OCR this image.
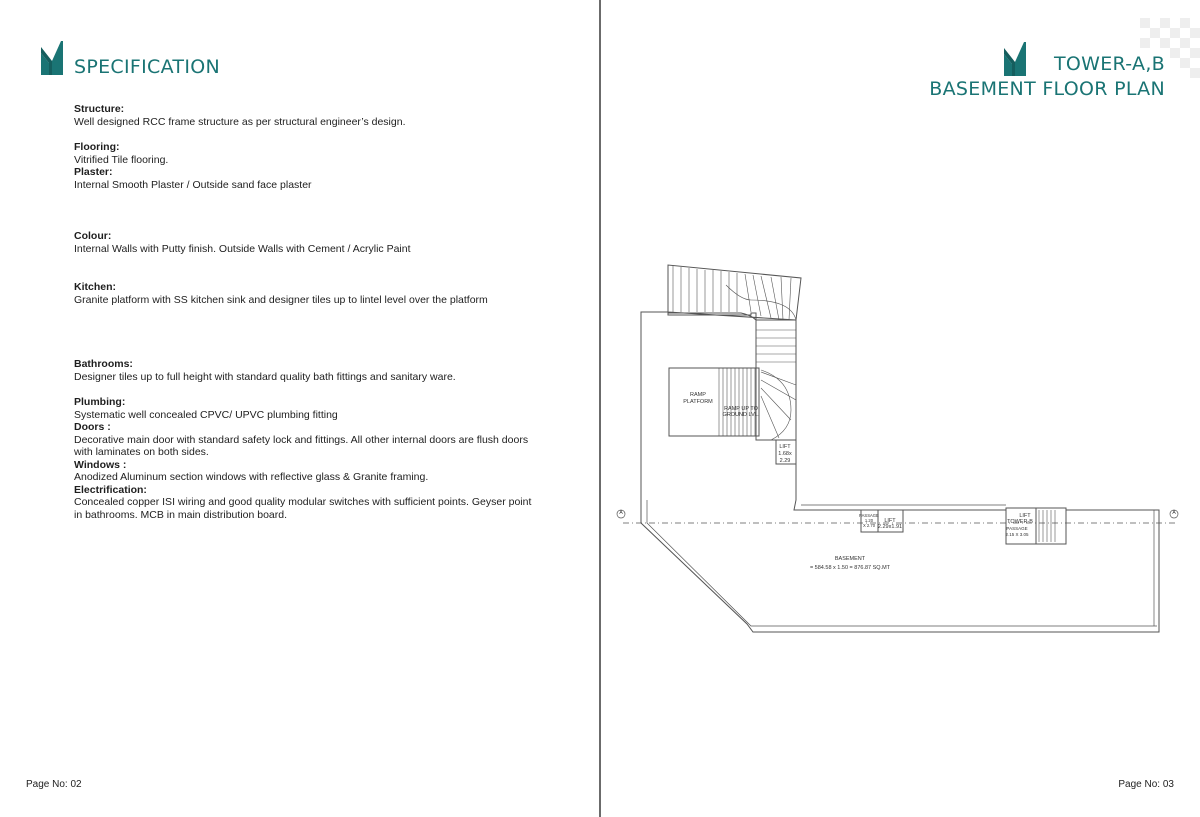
SPECIFICATION
Structure:
Well designed RCC frame structure as per structural engineer’s design.
Flooring:
Vitrified Tile flooring.
Plaster:
Internal Smooth Plaster / Outside sand face plaster
Colour:
Internal Walls with Putty finish. Outside Walls with Cement / Acrylic Paint
Kitchen:
Granite platform with SS kitchen sink and designer tiles up to lintel level over the platform
Bathrooms:
Designer tiles up to full height with standard quality bath fittings and sanitary ware.
Plumbing:
Systematic well concealed CPVC/ UPVC plumbing fitting
Doors :
Decorative main door with standard safety lock and fittings. All other internal doors are flush doors with laminates on both sides.
Windows :
Anodized Aluminum section windows with reflective glass & Granite framing.
Electrification:
Concealed copper ISI wiring and good quality modular switches with sufficient points. Geyser point in bathrooms. MCB in main distribution board.
Page No: 02
TOWER-A,B
BASEMENT FLOOR PLAN
RAMP
PLATFORM
RAMP UP TO
GROUND LVL.
LIFT
1.68x
2.29
PASSAGE
1.20
X 2.70
LIFT
2.29x1.91
LIFT
TOWER-B
PASSAGE
2.15 X 3.05
BASEMENT
= 584.58 x 1.50 = 876.87 SQ.MT
A	A
Page No: 03
